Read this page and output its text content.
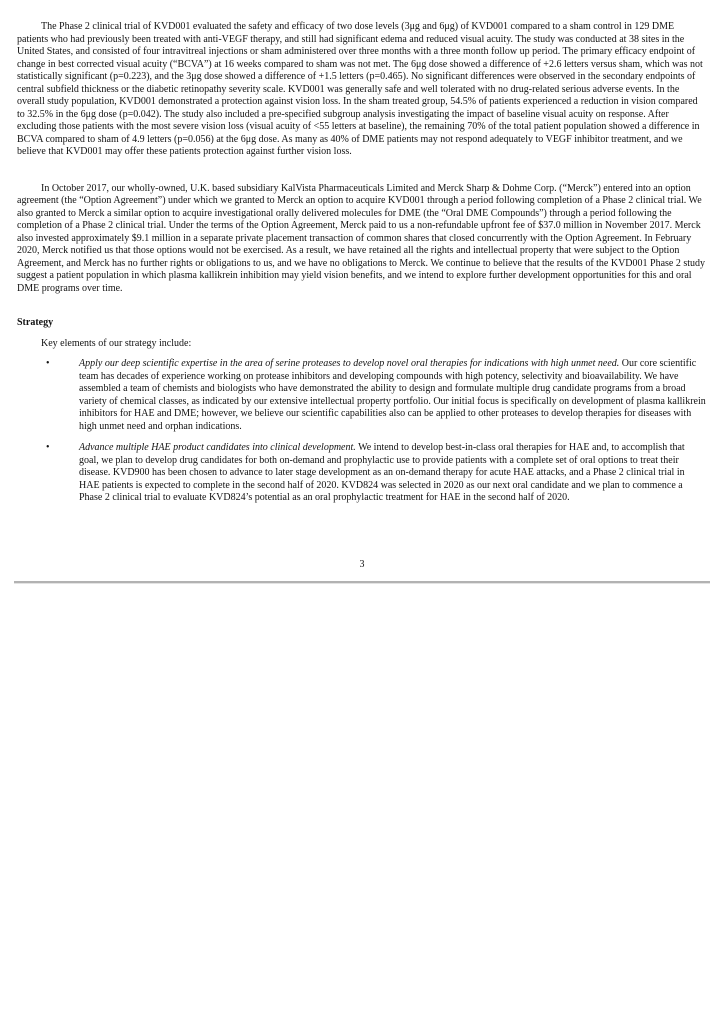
The Phase 2 clinical trial of KVD001 evaluated the safety and efficacy of two dose levels (3μg and 6μg) of KVD001 compared to a sham control in 129 DME patients who had previously been treated with anti-VEGF therapy, and still had significant edema and reduced visual acuity. The study was conducted at 38 sites in the United States, and consisted of four intravitreal injections or sham administered over three months with a three month follow up period. The primary efficacy endpoint of change in best corrected visual acuity (“BCVA”) at 16 weeks compared to sham was not met. The 6μg dose showed a difference of +2.6 letters versus sham, which was not statistically significant (p=0.223), and the 3μg dose showed a difference of +1.5 letters (p=0.465). No significant differences were observed in the secondary endpoints of central subfield thickness or the diabetic retinopathy severity scale. KVD001 was generally safe and well tolerated with no drug-related serious adverse events. In the overall study population, KVD001 demonstrated a protection against vision loss. In the sham treated group, 54.5% of patients experienced a reduction in vision compared to 32.5% in the 6μg dose (p=0.042). The study also included a pre-specified subgroup analysis investigating the impact of baseline visual acuity on response. After excluding those patients with the most severe vision loss (visual acuity of <55 letters at baseline), the remaining 70% of the total patient population showed a difference in BCVA compared to sham of 4.9 letters (p=0.056) at the 6μg dose. As many as 40% of DME patients may not respond adequately to VEGF inhibitor treatment, and we believe that KVD001 may offer these patients protection against further vision loss.

In October 2017, our wholly-owned, U.K. based subsidiary KalVista Pharmaceuticals Limited and Merck Sharp & Dohme Corp. (“Merck”) entered into an option agreement (the “Option Agreement”) under which we granted to Merck an option to acquire KVD001 through a period following completion of a Phase 2 clinical trial. We also granted to Merck a similar option to acquire investigational orally delivered molecules for DME (the “Oral DME Compounds”) through a period following the completion of a Phase 2 clinical trial. Under the terms of the Option Agreement, Merck paid to us a non-refundable upfront fee of $37.0 million in November 2017. Merck also invested approximately $9.1 million in a separate private placement transaction of common shares that closed concurrently with the Option Agreement. In February 2020, Merck notified us that those options would not be exercised. As a result, we have retained all the rights and intellectual property that were subject to the Option Agreement, and Merck has no further rights or obligations to us, and we have no obligations to Merck. We continue to believe that the results of the KVD001 Phase 2 study suggest a patient population in which plasma kallikrein inhibition may yield vision benefits, and we intend to explore further development opportunities for this and oral DME programs over time.

Strategy

Key elements of our strategy include:

•	Apply our deep scientific expertise in the area of serine proteases to develop novel oral therapies for indications with high unmet need. Our core scientific team has decades of experience working on protease inhibitors and developing compounds with high potency, selectivity and bioavailability. We have assembled a team of chemists and biologists who have demonstrated the ability to design and formulate multiple drug candidate programs from a broad variety of chemical classes, as indicated by our extensive intellectual property portfolio. Our initial focus is specifically on development of plasma kallikrein inhibitors for HAE and DME; however, we believe our scientific capabilities also can be applied to other proteases to develop therapies for diseases with high unmet need and orphan indications.
•	Advance multiple HAE product candidates into clinical development. We intend to develop best-in-class oral therapies for HAE and, to accomplish that goal, we plan to develop drug candidates for both on-demand and prophylactic use to provide patients with a complete set of oral options to treat their disease. KVD900 has been chosen to advance to later stage development as an on-demand therapy for acute HAE attacks, and a Phase 2 clinical trial in HAE patients is expected to complete in the second half of 2020. KVD824 was selected in 2020 as our next oral candidate and we plan to commence a Phase 2 clinical trial to evaluate KVD824’s potential as an oral prophylactic treatment for HAE in the second half of 2020.
3
